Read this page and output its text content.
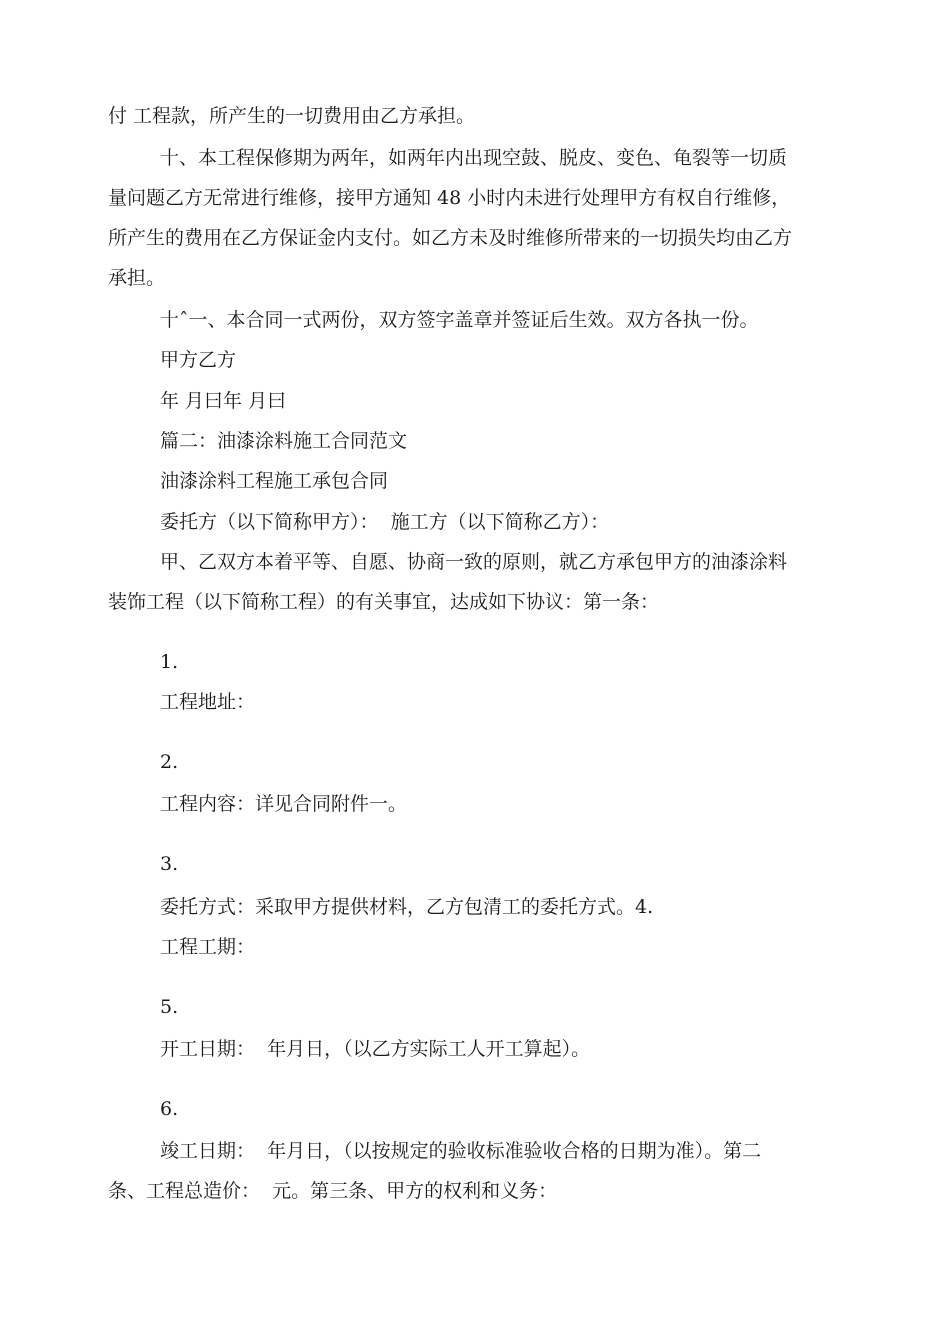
付 工程款，所产生的一切费用由乙方承担。

十、本工程保修期为两年，如两年内出现空鼓、脱皮、变色、龟裂等一切质

量问题乙方无常进行维修，接甲方通知 48 小时内未进行处理甲方有权自行维修，

所产生的费用在乙方保证金内支付。如乙方未及时维修所带来的一切损失均由乙方

承担。

十ˆ一、本合同一式两份，双方签字盖章并签证后生效。双方各执一份。

甲方乙方

年 月曰年 月曰

篇二：油漆涂料施工合同范文

油漆涂料工程施工承包合同

委托方（以下简称甲方）：  施工方（以下简称乙方）：

甲、乙双方本着平等、自愿、协商一致的原则，就乙方承包甲方的油漆涂料

装饰工程（以下简称工程）的有关事宜，达成如下协议：第一条：

1.

工程地址：

2.

工程内容：详见合同附件一。

3.

委托方式：采取甲方提供材料，乙方包清工的委托方式。4.

工程工期：

5.

开工日期：  年月日，（以乙方实际工人开工算起）。

6.

竣工日期：  年月日，（以按规定的验收标准验收合格的日期为准）。第二

条、工程总造价：  元。第三条、甲方的权利和义务：
